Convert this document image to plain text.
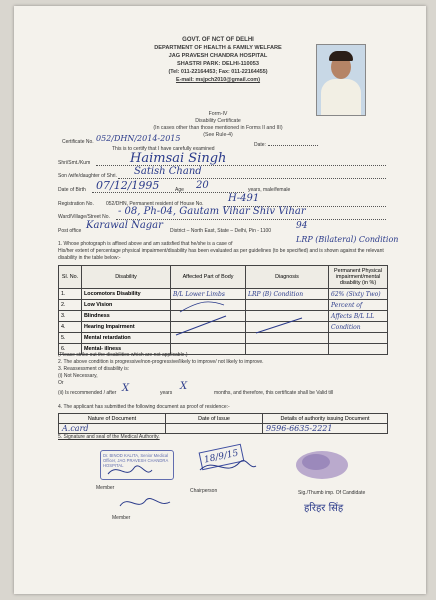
GOVT. OF NCT OF DELHI
DEPARTMENT OF HEALTH & FAMILY WELFARE
JAG PRAVESH CHANDRA HOSPITAL
SHASTRI PARK: DELHI-110053
(Tel: 011-22164453; Fax: 011-22164455)
E-mail: msjpch2010@gmail.com)
Form-IV
Disability Certificate
(In cases other than those mentioned in Forms II and III)
(See Rule-4)
Certificate No. 052/DHN/2014-2015
Date:
This is to certify that I have carefully examined
Shri/Smt./Kum	Haimsai Singh
Son /wife/daughter of Shri. Satish Chand
Date of Birth 07/12/1995	Age 20	years, male/female
Registration No. 052/DHN, Permanent resident of House No. H-491
Ward/Village/Street No. - 08, Ph-04, Gautam Vihar Shiv Vihar
Post office Karawal Nagar District – North East, State – Delhi, Pin - 1100	94
1. Whose photograph is affixed above and am satisfied that he/she is a case of	LRP (Bilateral) Condition
His/her extent of percentage physical impairment/disability has been evaluated as per guidelines (to be specified) and is shown against the relevant disability in the table below:-
Sl. No.	Disability	Affected Part of Body	Diagnosis	Permanent Physical impairment/mental disability (in %)
1.	Locomotors Disability	B/L Lower Limbs	LRP (B) Condition	62% (Sixty Two)
2.	Low Vision			Percent of
3.	Blindness			Affects B/L LL
4.	Hearing Impairment			Condition
5.	Mental retardation			
6.	Mental- illness			
(Please strike out the disabilities which are not applicable.)
2. The above condition is progressive/non-progressive/likely to improve/ not likely to improve.
3. Reassessment of disability is:
(i) Not Necessary,
Or
(ii) Is recommended / after X	years
X
months, and therefore, this certificate shall be Valid till
4. The applicant has submitted the following document as proof of residence:-
Nature of Document	Date of Issue	Details of authority issuing Document
A.card		9596-6635-2221
5. Signature and seal of the Medical Authority.
Dr. BINOD KALITA, Senior Medical Officer, JAG PRAVESH CHANDRA HOSPITAL
18/9/15
Member
Member
Chairperson	Sig./Thumb imp. Of Candidate
हरिहर सिंह
